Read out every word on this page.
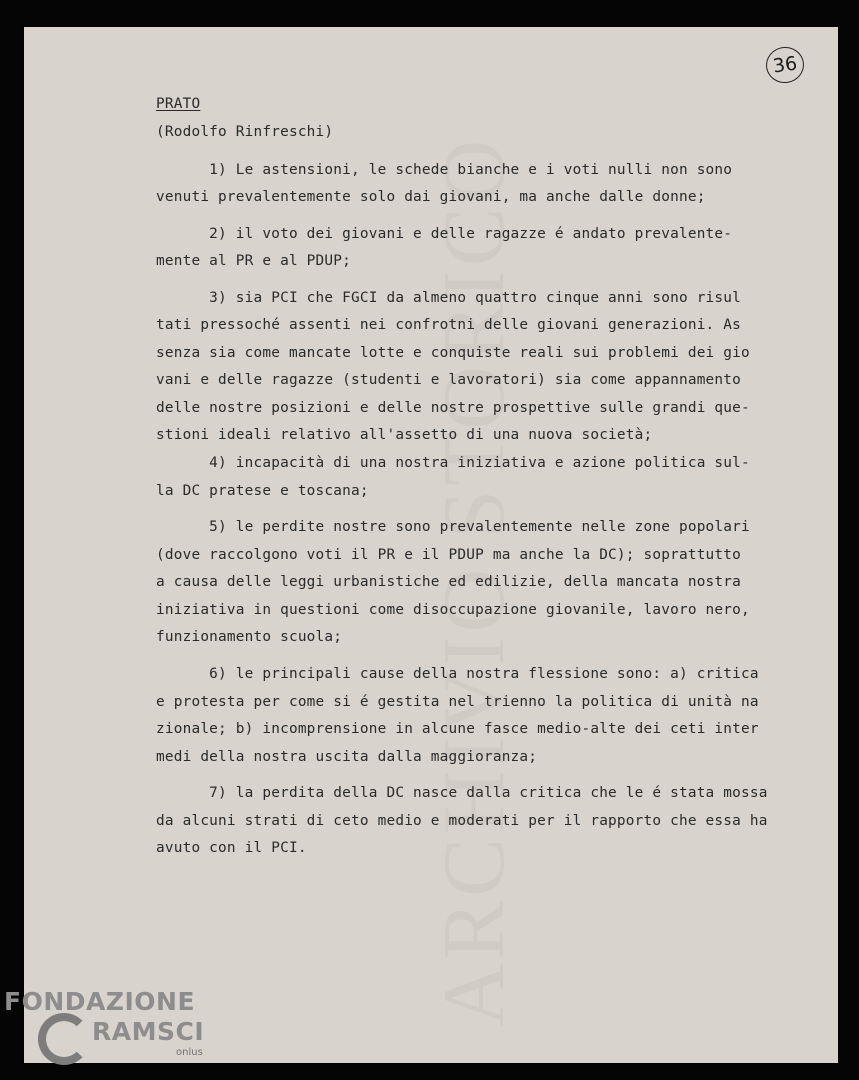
ARCHIVIO STORICO
36
PRATO
(Rodolfo Rinfreschi)
1) Le astensioni, le schede bianche e i voti nulli non sono
venuti prevalentemente solo dai giovani, ma anche dalle donne;
2) il voto dei giovani e delle ragazze é andato prevalente-
mente al PR e al PDUP;
3) sia PCI che FGCI da almeno quattro cinque anni sono risul
tati pressoché assenti nei confrotni delle giovani generazioni. As
senza sia come mancate lotte e conquiste reali sui problemi dei gio
vani e delle ragazze (studenti e lavoratori) sia come appannamento
delle nostre posizioni e delle nostre prospettive sulle grandi que-
stioni ideali relativo all'assetto di una nuova società;
4) incapacità di una nostra iniziativa e azione politica sul-
la DC pratese e toscana;
5) le perdite nostre sono prevalentemente nelle zone popolari
(dove raccolgono voti il PR e il PDUP ma anche la DC); soprattutto
a causa delle leggi urbanistiche ed edilizie, della mancata nostra
iniziativa in questioni come disoccupazione giovanile, lavoro nero,
funzionamento scuola;
6) le principali cause della nostra flessione sono: a) critica
e protesta per come si é gestita nel trienno la politica di unità na
zionale; b) incomprensione in alcune fasce medio-alte dei ceti inter
medi della nostra uscita dalla maggioranza;
7) la perdita della DC nasce dalla critica che le é stata mossa
da alcuni strati di ceto medio e moderati per il rapporto che essa ha
avuto con il PCI.
FONDAZIONE
RAMSCI
onlus
